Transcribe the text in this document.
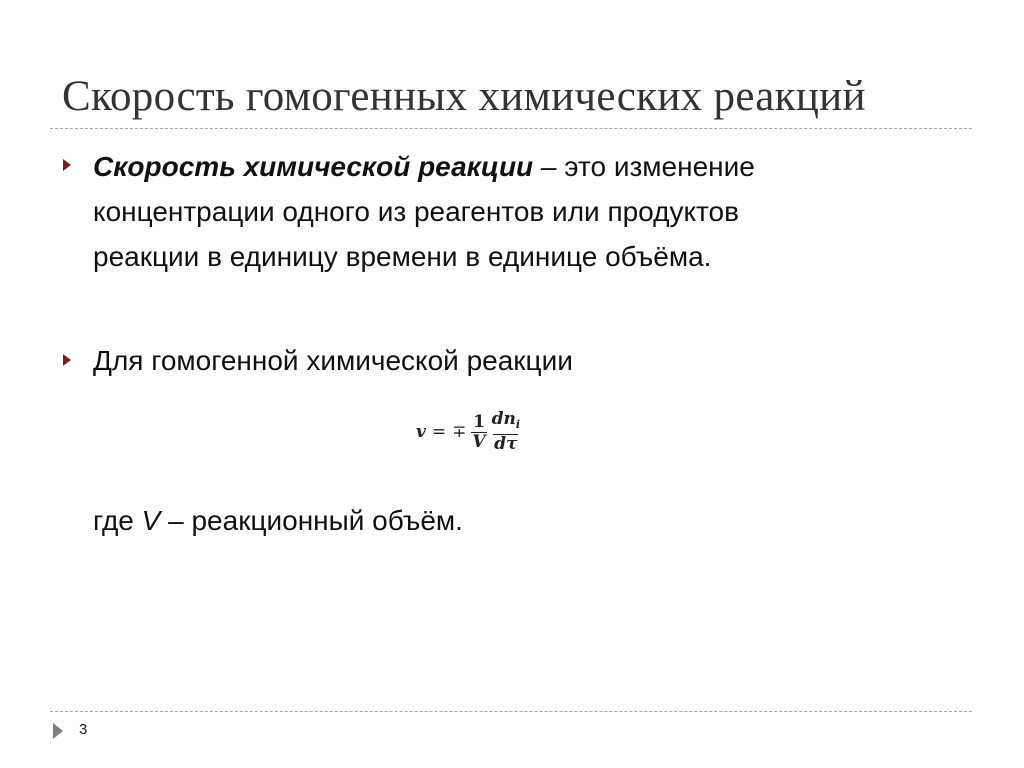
Скорость гомогенных химических реакций
Скорость химической реакции – это изменение
концентрации одного из реагентов или продуктов
реакции в единицу времени в единице объёма.
Для гомогенной химической реакции
v = ∓ $\frac{1}{V} \frac{dn_i}{d\tau}$
где V – реакционный объём.
3
